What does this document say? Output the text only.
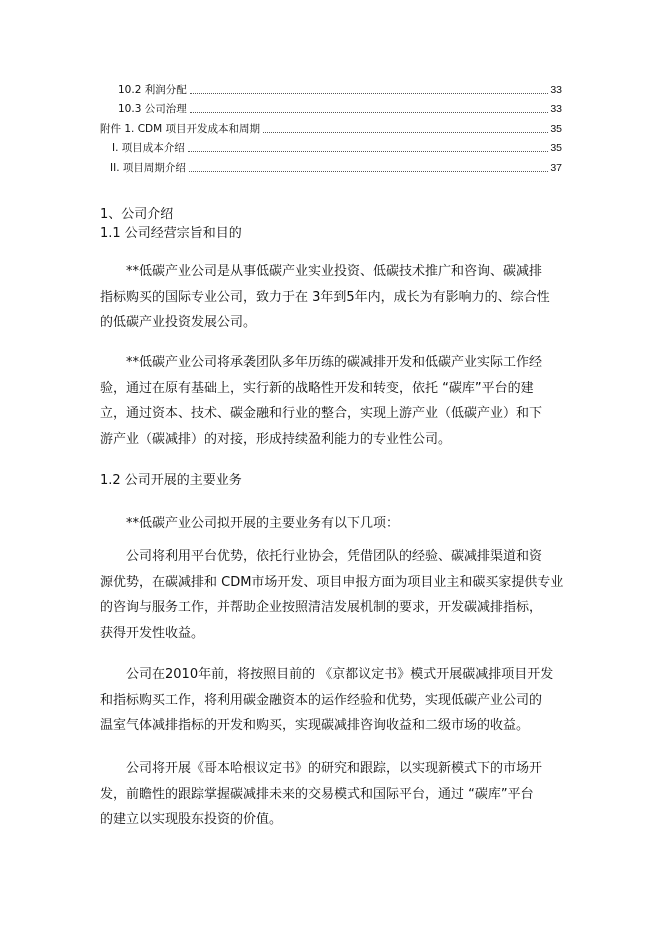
10.2 利润分配	33
10.3 公司治理	33
附件 1. CDM 项目开发成本和周期	35
I. 项目成本介绍	35
II. 项目周期介绍	37
1、公司介绍
1.1 公司经营宗旨和目的
**低碳产业公司是从事低碳产业实业投资、低碳技术推广和咨询、碳减排
指标购买的国际专业公司，致力于在 3年到5年内，成长为有影响力的、综合性
的低碳产业投资发展公司。
**低碳产业公司将承袭团队多年历练的碳减排开发和低碳产业实际工作经
验，通过在原有基础上，实行新的战略性开发和转变，依托 “碳库”平台的建
立，通过资本、技术、碳金融和行业的整合，实现上游产业（低碳产业）和下
游产业（碳减排）的对接，形成持续盈利能力的专业性公司。
1.2 公司开展的主要业务
**低碳产业公司拟开展的主要业务有以下几项：
公司将利用平台优势，依托行业协会，凭借团队的经验、碳减排渠道和资
源优势，在碳减排和 CDM市场开发、项目申报方面为项目业主和碳买家提供专业
的咨询与服务工作，并帮助企业按照清洁发展机制的要求，开发碳减排指标，
获得开发性收益。
公司在2010年前，将按照目前的 《京都议定书》模式开展碳减排项目开发
和指标购买工作，将利用碳金融资本的运作经验和优势，实现低碳产业公司的
温室气体减排指标的开发和购买，实现碳减排咨询收益和二级市场的收益。
公司将开展《哥本哈根议定书》的研究和跟踪，以实现新模式下的市场开
发，前瞻性的跟踪掌握碳减排未来的交易模式和国际平台，通过 “碳库”平台
的建立以实现股东投资的价值。
